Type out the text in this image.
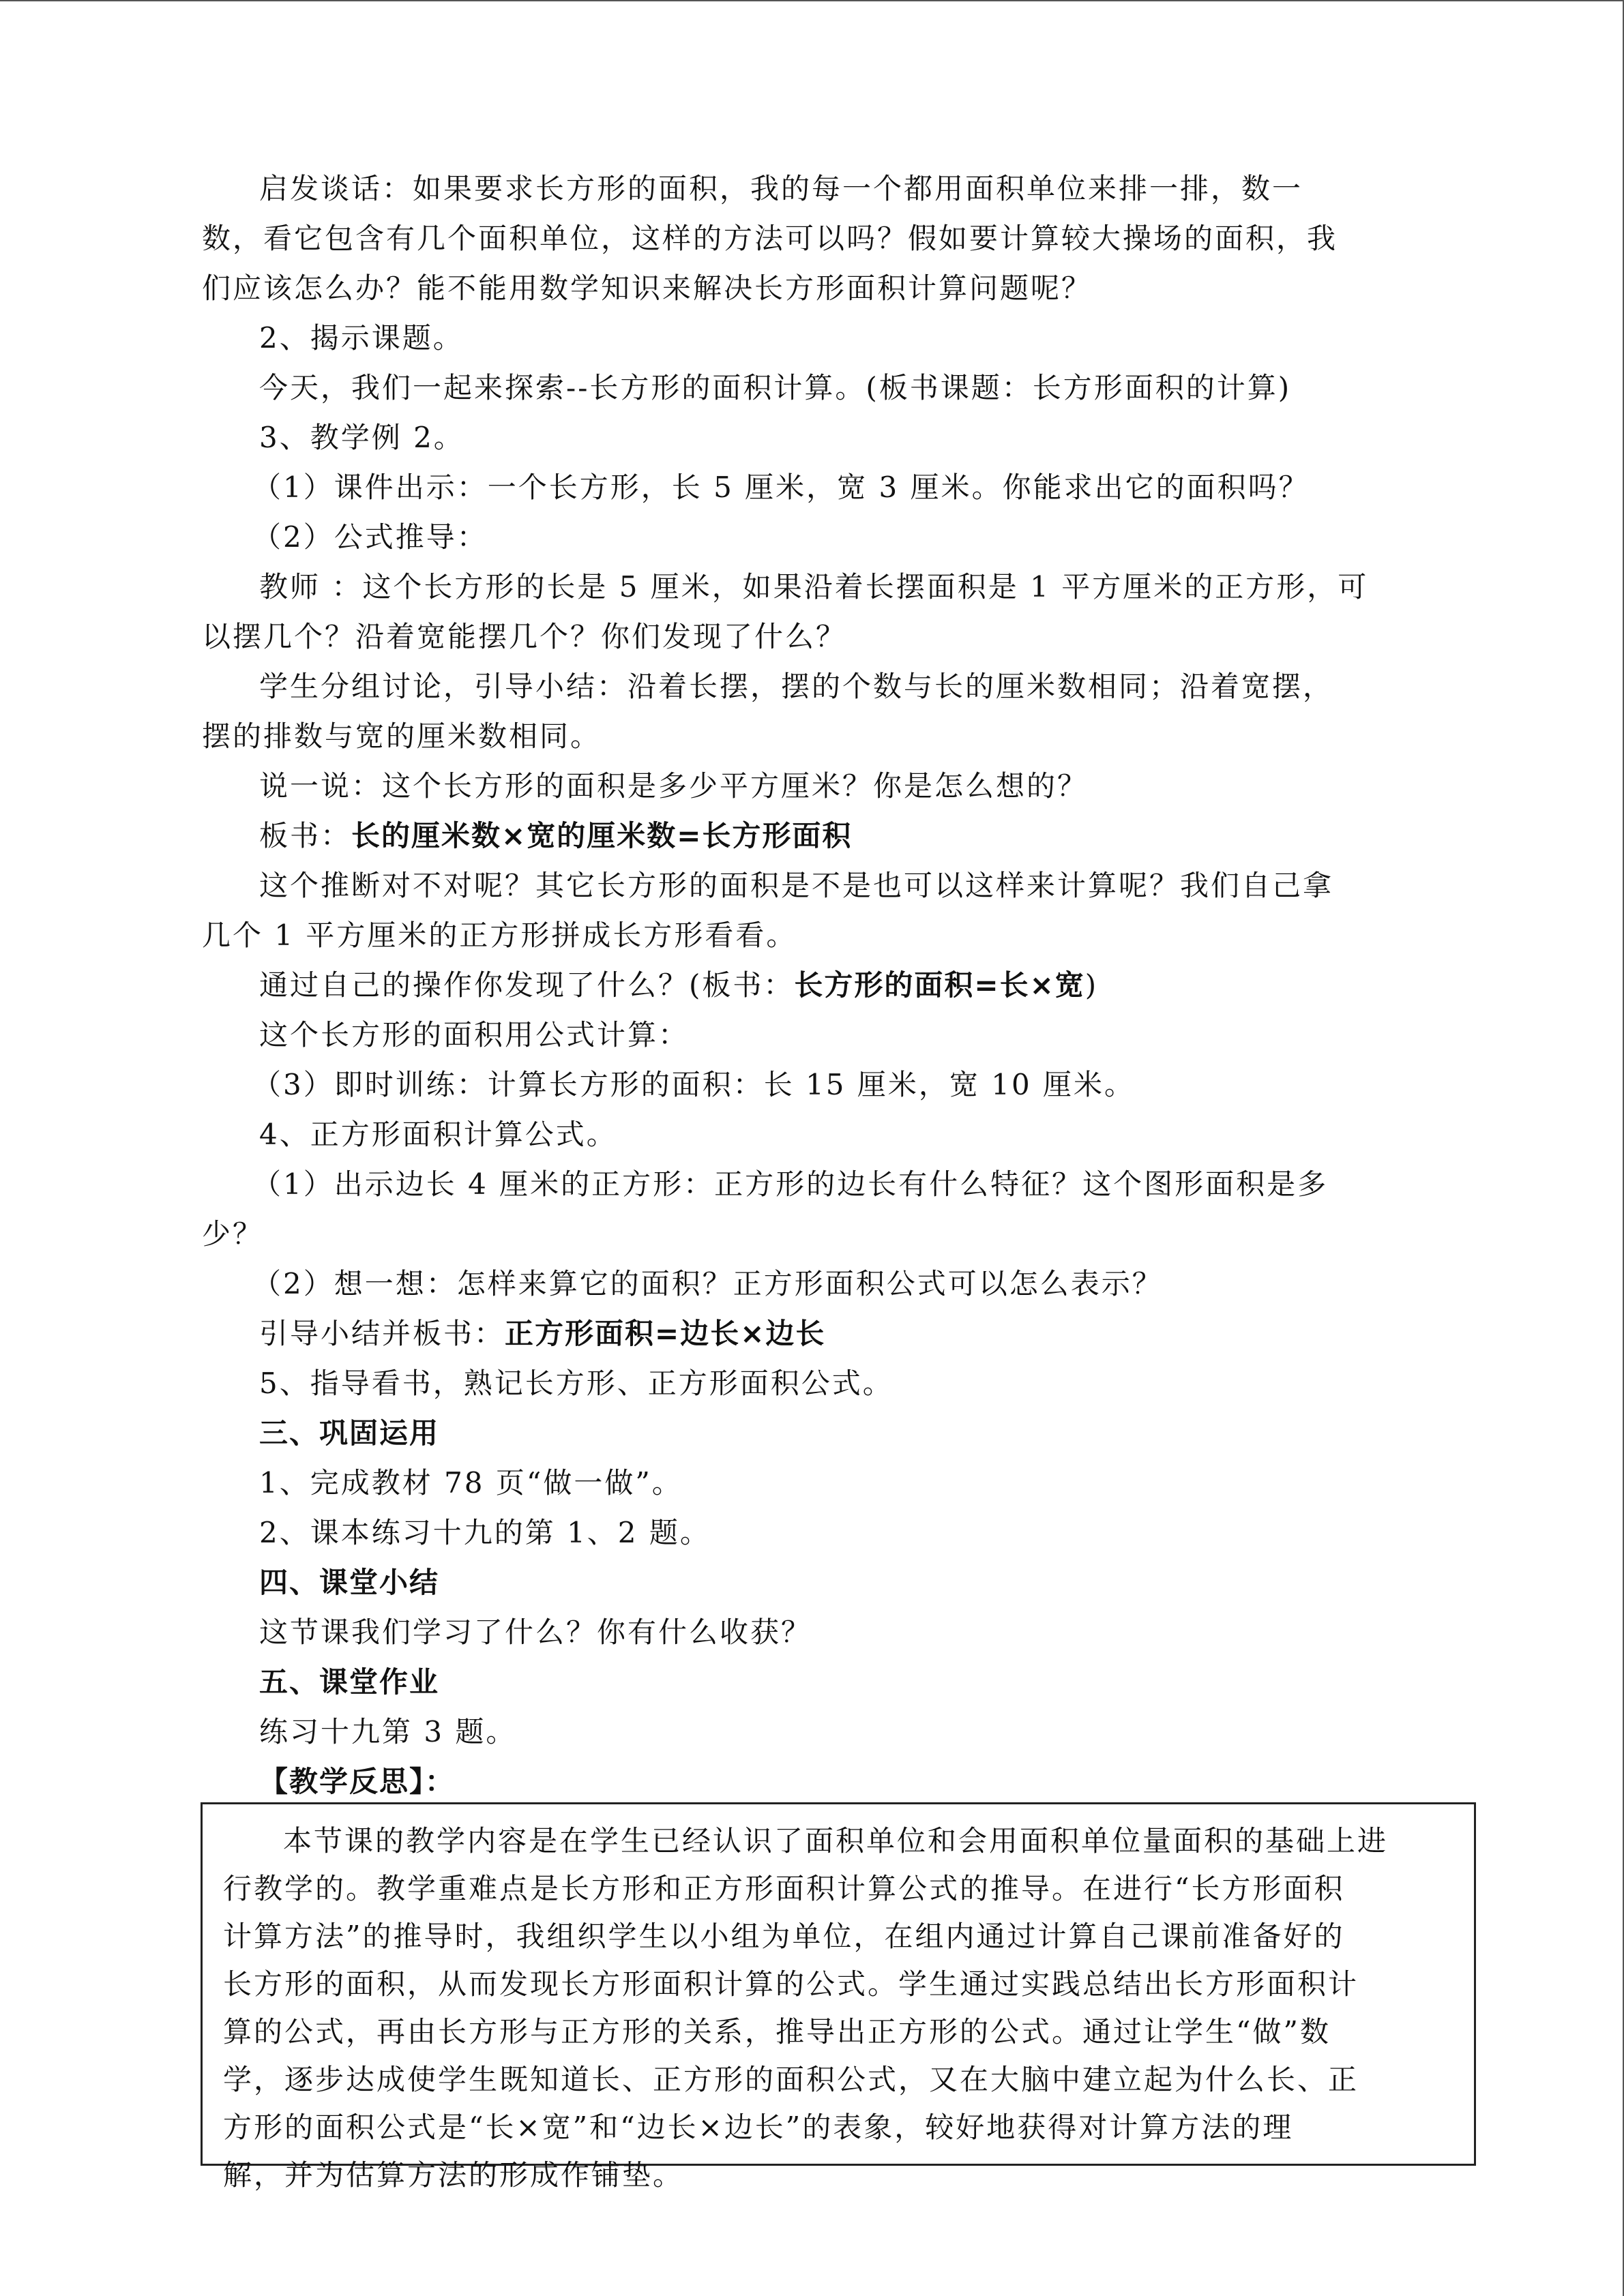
启发谈话：如果要求长方形的面积，我的每一个都用面积单位来排一排，数一
数，看它包含有几个面积单位，这样的方法可以吗？假如要计算较大操场的面积，我
们应该怎么办？能不能用数学知识来解决长方形面积计算问题呢？
2、揭示课题。
今天，我们一起来探索--长方形的面积计算。(板书课题：长方形面积的计算)
3、教学例 2。
（1）课件出示：一个长方形，长 5 厘米，宽 3 厘米。你能求出它的面积吗？
（2）公式推导：
教师 ：这个长方形的长是 5 厘米，如果沿着长摆面积是 1 平方厘米的正方形，可
以摆几个？沿着宽能摆几个？你们发现了什么？
学生分组讨论，引导小结：沿着长摆，摆的个数与长的厘米数相同；沿着宽摆，
摆的排数与宽的厘米数相同。
说一说：这个长方形的面积是多少平方厘米？你是怎么想的？
板书：长的厘米数×宽的厘米数=长方形面积
这个推断对不对呢？其它长方形的面积是不是也可以这样来计算呢？我们自己拿
几个 1 平方厘米的正方形拼成长方形看看。
通过自己的操作你发现了什么？(板书：长方形的面积=长×宽)
这个长方形的面积用公式计算：
（3）即时训练：计算长方形的面积：长 15 厘米，宽 10 厘米。
4、正方形面积计算公式。
（1）出示边长 4 厘米的正方形：正方形的边长有什么特征？这个图形面积是多
少？
（2）想一想：怎样来算它的面积？正方形面积公式可以怎么表示？
引导小结并板书：正方形面积=边长×边长
5、指导看书，熟记长方形、正方形面积公式。
三、巩固运用
1、完成教材 78 页“做一做”。
2、课本练习十九的第 1、2 题。
四、课堂小结
这节课我们学习了什么？你有什么收获？
五、课堂作业
练习十九第 3 题。
【教学反思】：
本节课的教学内容是在学生已经认识了面积单位和会用面积单位量面积的基础上进
行教学的。教学重难点是长方形和正方形面积计算公式的推导。在进行“长方形面积
计算方法”的推导时，我组织学生以小组为单位，在组内通过计算自己课前准备好的
长方形的面积，从而发现长方形面积计算的公式。学生通过实践总结出长方形面积计
算的公式，再由长方形与正方形的关系，推导出正方形的公式。通过让学生“做”数
学，逐步达成使学生既知道长、正方形的面积公式，又在大脑中建立起为什么长、正
方形的面积公式是“长×宽”和“边长×边长”的表象，较好地获得对计算方法的理
解，并为估算方法的形成作铺垫。
